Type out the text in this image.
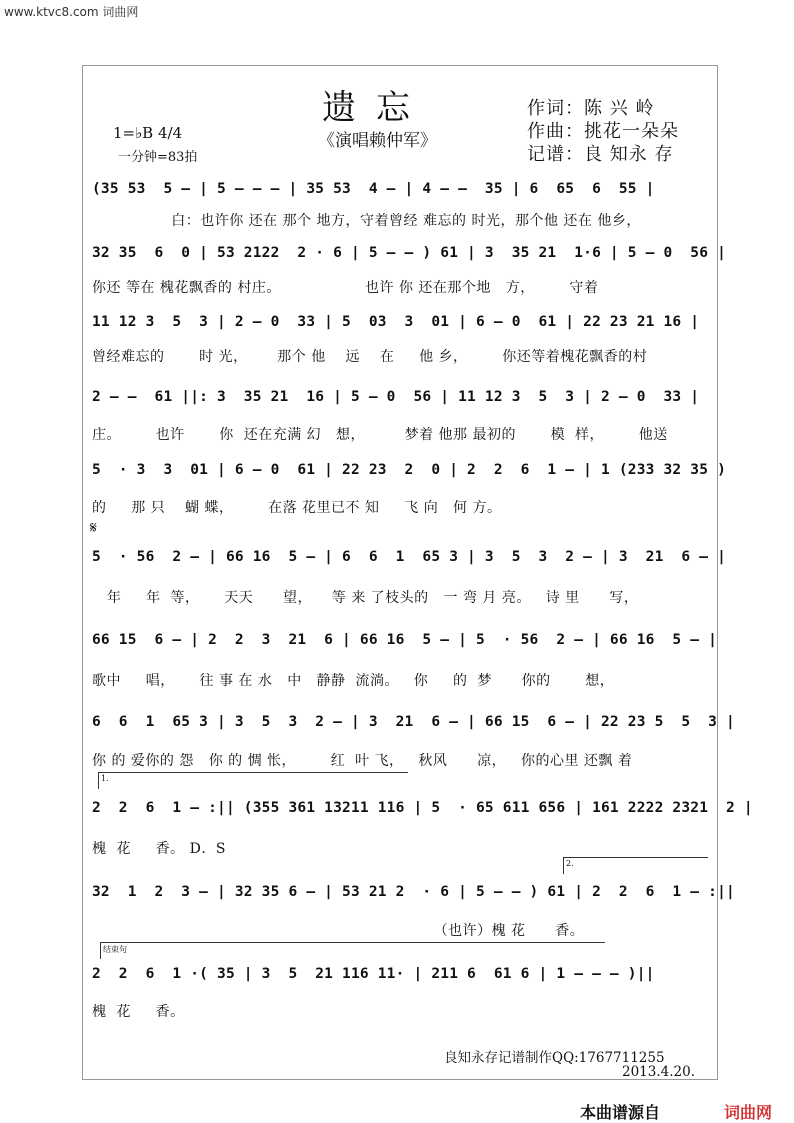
www.ktvc8.com 词曲网
遗忘
《演唱赖仲军》
作词：陈 兴 岭
作曲：挑花一朵朵
记谱：良 知永 存
1=♭B 4/4
一分钟=83拍
(35 53  5 – | 5 – – – | 35 53  4 – | 4 – –  35 | 6  65  6  55 |
白：也许你 还在 那个 地方，守着曾经 难忘的 时光，那个他 还在 他乡，
32 35  6  0 | 53 2122  2 · 6 | 5 – – ) 61 | 3  35 21  1·6 | 5 – 0  56 |
你还 等在 槐花飘香的 村庄。                 也许 你 还在那个地   方，       守着
11 12 3  5  3 | 2 – 0  33 | 5  03  3  01 | 6 – 0  61 | 22 23 21 16 |
曾经难忘的       时 光，      那个 他    远    在     他 乡，       你还等着槐花飘香的村
2 – –  61 ||: 3  35 21  16 | 5 – 0  56 | 11 12 3  5  3 | 2 – 0  33 |
庄。       也许       你  还在充满 幻   想，        梦着 他那 最初的       模  样，       他送
5  · 3  3  01 | 6 – 0  61 | 22 23  2  0 | 2  2  6  1 – | 1 (233 32 35 )
的     那 只    蝴 蝶，       在落 花里已不 知     飞 向   何 方。
𝄋
5  · 56  2 – | 66 16  5 – | 6  6  1  65 3 | 3  5  3  2 – | 3  21  6 – |
年     年  等，     天天      望，    等 来 了枝头的   一 弯 月 亮。   诗 里      写，
66 15  6 – | 2  2  3  21  6 | 66 16  5 – | 5  · 56  2 – | 66 16  5 – |
歌中     唱，     往 事 在 水   中   静静  流淌。   你     的  梦      你的       想，
6  6  1  65 3 | 3  5  3  2 – | 3  21  6 – | 66 15  6 – | 22 23 5  5  3 |
你 的 爱你的 怨   你 的 惆 怅，       红  叶 飞，   秋风      凉，   你的心里 还飘 着
1.
2  2  6  1 – :|| (355 361 13211 116 | 5  · 65 611 656 | 161 2222 2321  2 |
槐  花     香。 D．S
2.
32  1  2  3 – | 32 35 6 – | 53 21 2  · 6 | 5 – – ) 61 | 2  2  6  1 – :||
（也许）槐 花      香。
结束句
2  2  6  1 ·( 35 | 3  5  21 116 11· | 211 6  61 6 | 1 – – – )||
槐  花     香。
良知永存记谱制作QQ:1767711255
2013.4.20.
本曲谱源自	词曲网
